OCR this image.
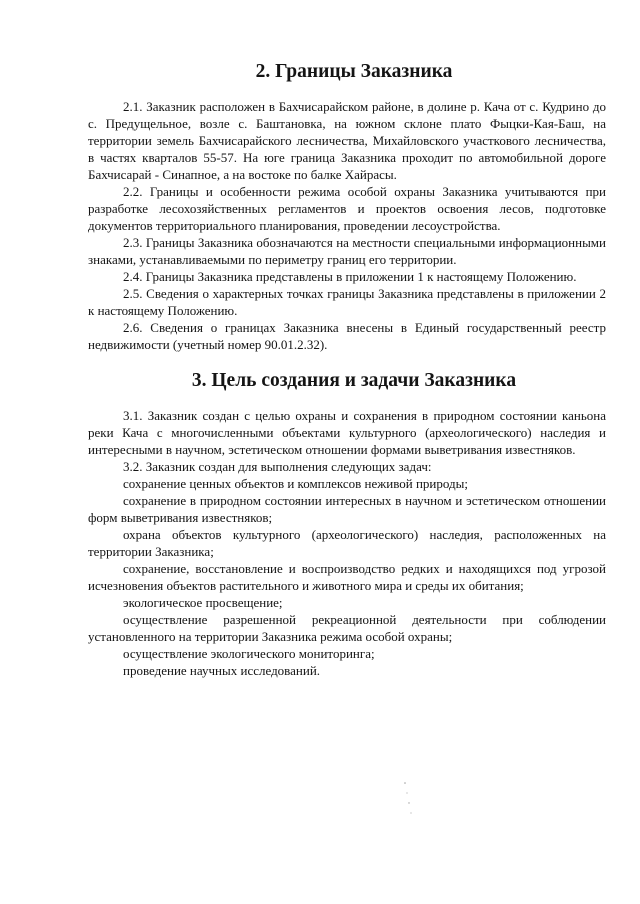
2. Границы Заказника

2.1. Заказник расположен в Бахчисарайском районе, в долине р. Кача от с. Кудрино до с. Предущельное, возле с. Баштановка, на южном склоне плато Фыцки-Кая-Баш, на территории земель Бахчисарайского лесничества, Михайловского участкового лесничества, в частях кварталов 55-57. На юге граница Заказника проходит по автомобильной дороге Бахчисарай - Синапное, а на востоке по балке Хайрасы.

2.2. Границы и особенности режима особой охраны Заказника учитываются при разработке лесохозяйственных регламентов и проектов освоения лесов, подготовке документов территориального планирования, проведении лесоустройства.

2.3. Границы Заказника обозначаются на местности специальными информационными знаками, устанавливаемыми по периметру границ его территории.

2.4. Границы Заказника представлены в приложении 1 к настоящему Положению.

2.5. Сведения о характерных точках границы Заказника представлены в приложении 2 к настоящему Положению.

2.6. Сведения о границах Заказника внесены в Единый государственный реестр недвижимости (учетный номер 90.01.2.32).

3. Цель создания и задачи Заказника

3.1. Заказник создан с целью охраны и сохранения в природном состоянии каньона реки Кача с многочисленными объектами культурного (археологического) наследия и интересными в научном, эстетическом отношении формами выветривания известняков.

3.2. Заказник создан для выполнения следующих задач:

сохранение ценных объектов и комплексов неживой природы;

сохранение в природном состоянии интересных в научном и эстетическом отношении форм выветривания известняков;

охрана объектов культурного (археологического) наследия, расположенных на территории Заказника;

сохранение, восстановление и воспроизводство редких и находящихся под угрозой исчезновения объектов растительного и животного мира и среды их обитания;

экологическое просвещение;

осуществление разрешенной рекреационной деятельности при соблюдении установленного на территории Заказника режима особой охраны;

осуществление экологического мониторинга;

проведение научных исследований.
